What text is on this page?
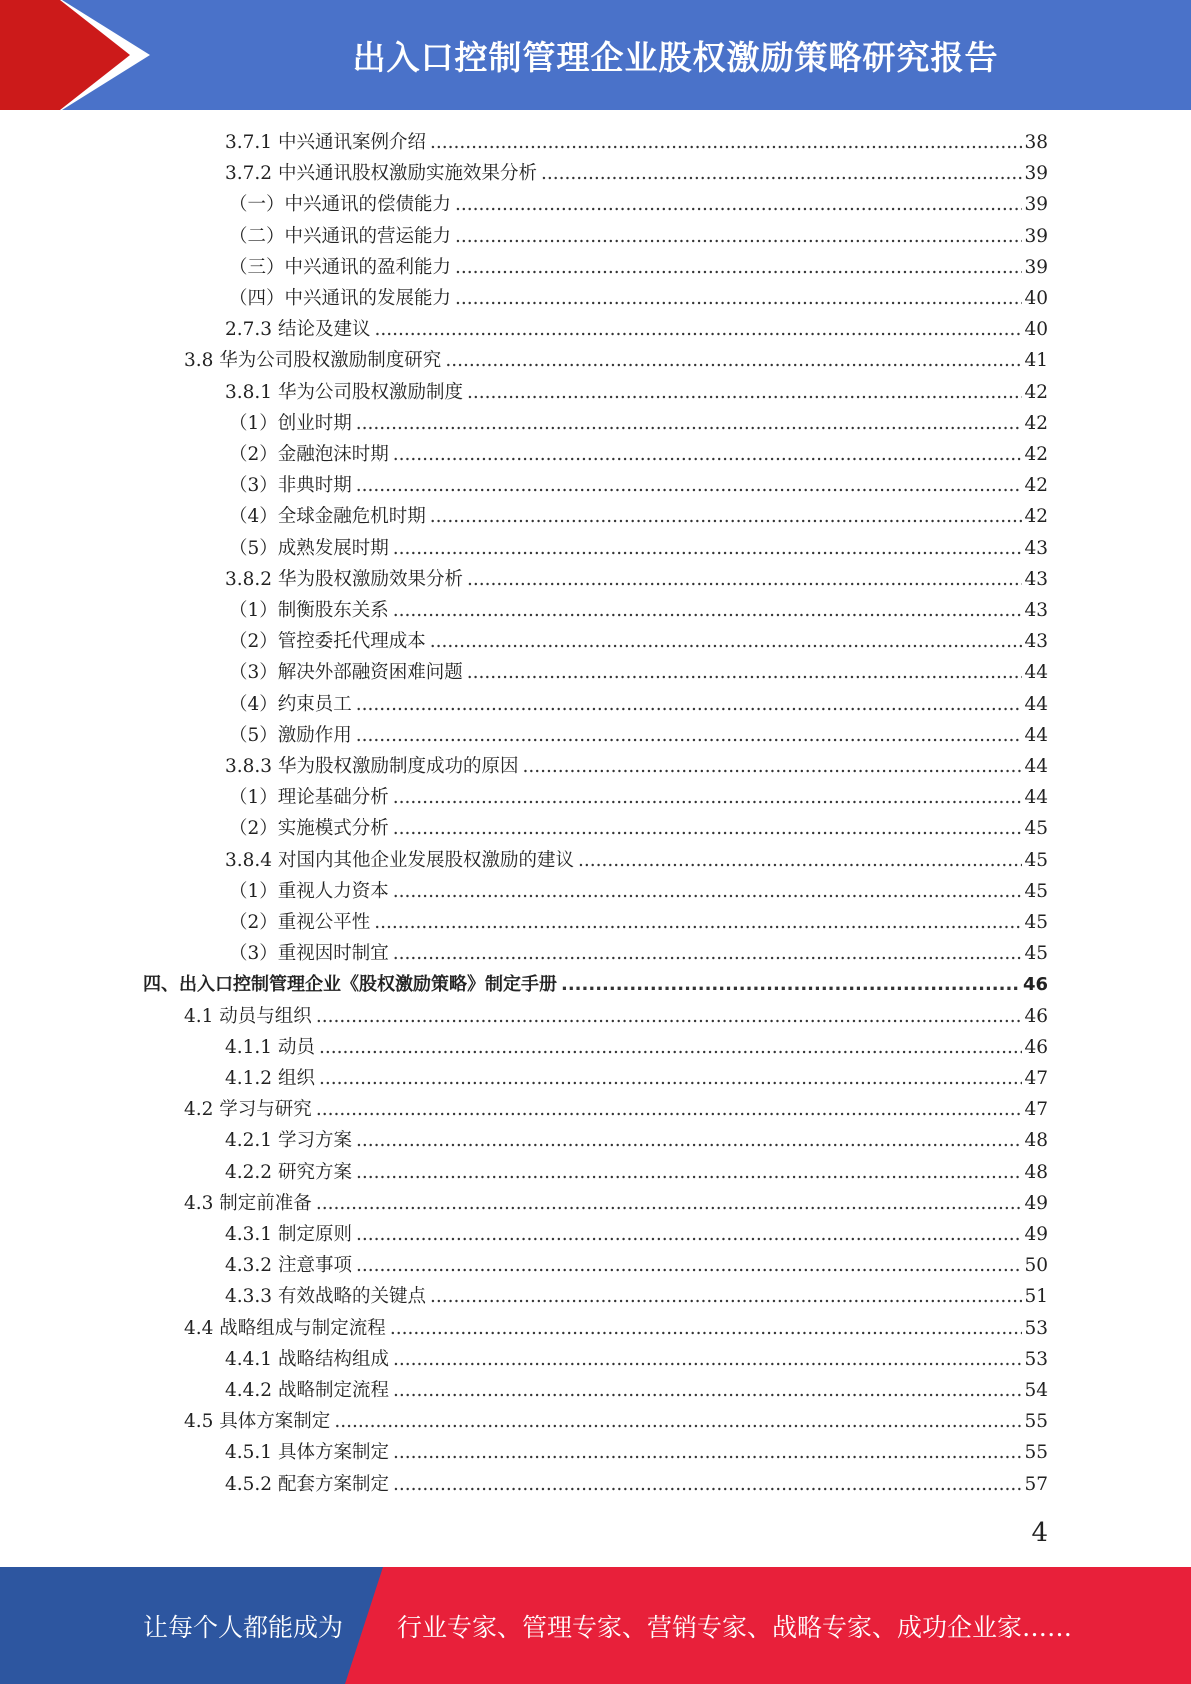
出入口控制管理企业股权激励策略研究报告
3.7.1 中兴通讯案例介绍 .....	38
3.7.2 中兴通讯股权激励实施效果分析 .....	39
（一）中兴通讯的偿债能力 .....	39
（二）中兴通讯的营运能力 .....	39
（三）中兴通讯的盈利能力 .....	39
（四）中兴通讯的发展能力 .....	40
2.7.3 结论及建议 .....	40
3.8 华为公司股权激励制度研究 .....	41
3.8.1 华为公司股权激励制度 .....	42
（1）创业时期 .....	42
（2）金融泡沫时期 .....	42
（3）非典时期 .....	42
（4）全球金融危机时期 .....	42
（5）成熟发展时期 .....	43
3.8.2 华为股权激励效果分析 .....	43
（1）制衡股东关系 .....	43
（2）管控委托代理成本 .....	43
（3）解决外部融资困难问题 .....	44
（4）约束员工 .....	44
（5）激励作用 .....	44
3.8.3 华为股权激励制度成功的原因 .....	44
（1）理论基础分析 .....	44
（2）实施模式分析 .....	45
3.8.4 对国内其他企业发展股权激励的建议 .....	45
（1）重视人力资本 .....	45
（2）重视公平性 .....	45
（3）重视因时制宜 .....	45
四、出入口控制管理企业《股权激励策略》制定手册 .....	46
4.1 动员与组织 .....	46
4.1.1 动员 .....	46
4.1.2 组织 .....	47
4.2 学习与研究 .....	47
4.2.1 学习方案 .....	48
4.2.2 研究方案 .....	48
4.3 制定前准备 .....	49
4.3.1 制定原则 .....	49
4.3.2 注意事项 .....	50
4.3.3 有效战略的关键点 .....	51
4.4 战略组成与制定流程 .....	53
4.4.1 战略结构组成 .....	53
4.4.2 战略制定流程 .....	54
4.5 具体方案制定 .....	55
4.5.1 具体方案制定 .....	55
4.5.2 配套方案制定 .....	57
4
让每个人都能成为 行业专家、管理专家、营销专家、战略专家、成功企业家……
